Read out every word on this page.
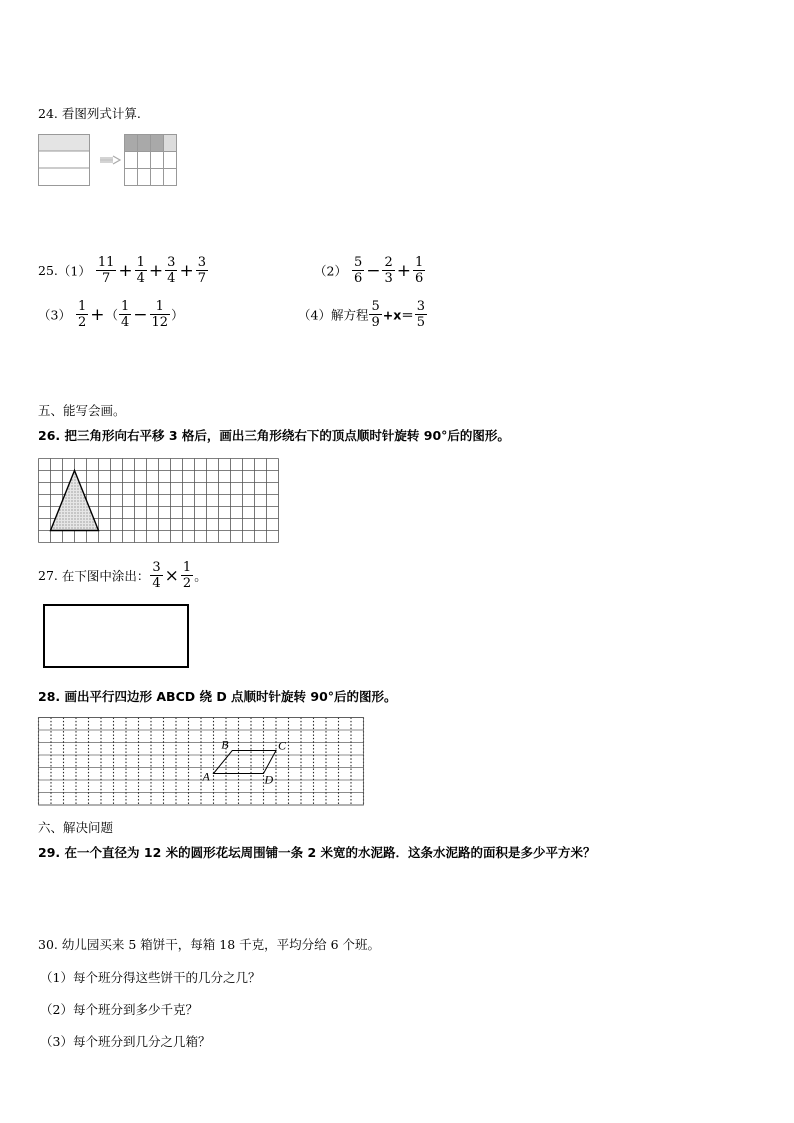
24. 看图列式计算.
$25.(1) \frac{11}{7} + \frac{1}{4} + \frac{3}{4} + \frac{3}{7}$	$(2) \frac{5}{6} - \frac{2}{3} + \frac{1}{6}$
$(3) \frac{1}{2}$ +（ $\frac{1}{4} - \frac{1}{12}$ ）	（4）解方程 $\frac{5}{9} +x= \frac{3}{5}$
五、能写会画。
26. 把三角形向右平移 3 格后，画出三角形绕右下的顶点顺时针旋转 90°后的图形。
27. 在下图中涂出： $\frac{3}{4} \times \frac{1}{2}$ 。
28. 画出平行四边形 ABCD 绕 D 点顺时针旋转 90°后的图形。
A
B	C
D
六、解决问题
29. 在一个直径为 12 米的圆形花坛周围铺一条 2 米宽的水泥路．这条水泥路的面积是多少平方米？
30. 幼儿园买来 5 箱饼干，每箱 18 千克，平均分给 6 个班。
（1）每个班分得这些饼干的几分之几？
（2）每个班分到多少千克？
（3）每个班分到几分之几箱？
